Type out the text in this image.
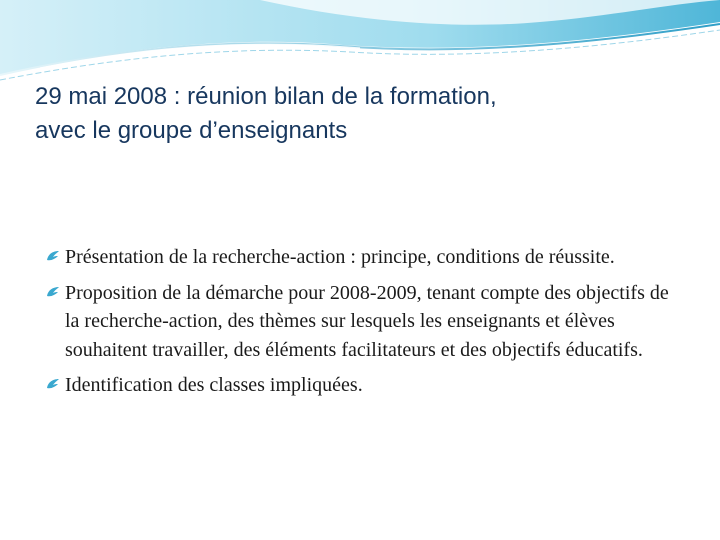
29 mai 2008 : réunion bilan de la formation,
avec le groupe d’enseignants
Présentation de la recherche-action : principe, conditions de réussite.
Proposition de la démarche pour 2008-2009, tenant compte des objectifs de la recherche-action, des thèmes sur lesquels les enseignants et élèves souhaitent travailler, des éléments facilitateurs et des objectifs éducatifs.
Identification des classes impliquées.
